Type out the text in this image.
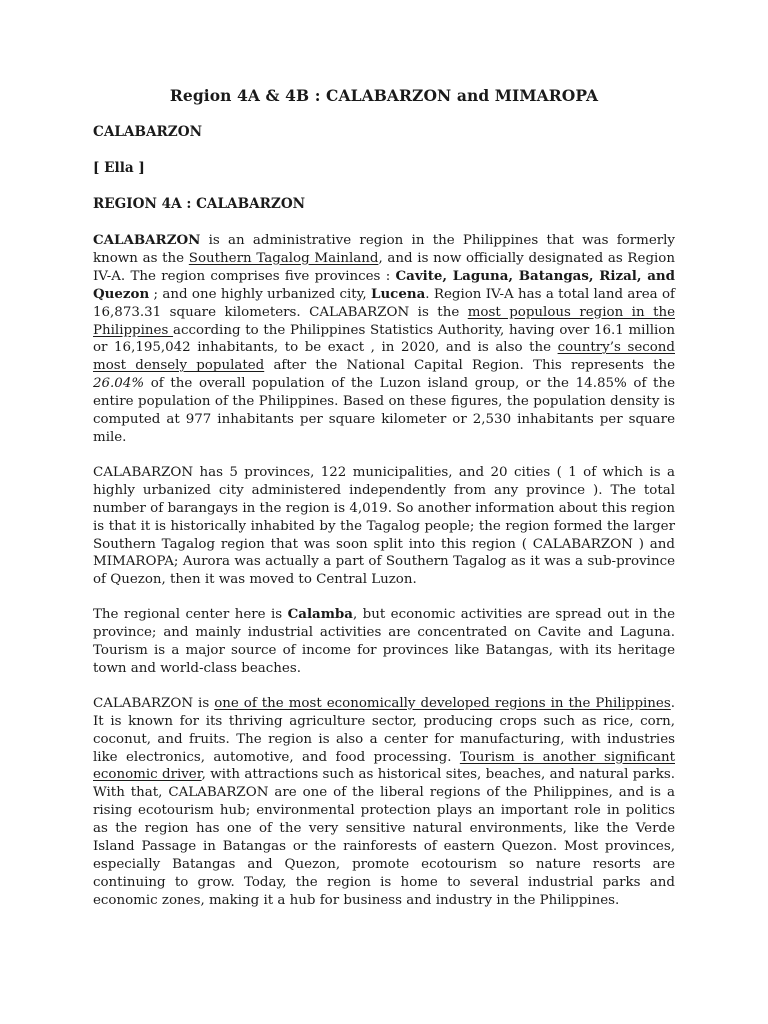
Region 4A & 4B : CALABARZON and MIMAROPA
CALABARZON
[ Ella ]
REGION 4A : CALABARZON

CALABARZON is an administrative region in the Philippines that was formerly known as the Southern Tagalog Mainland, and is now officially designated as Region IV-A. The region comprises five provinces : Cavite, Laguna, Batangas, Rizal, and Quezon ; and one highly urbanized city, Lucena. Region IV-A has a total land area of 16,873.31 square kilometers. CALABARZON is the most populous region in the Philippines according to the Philippines Statistics Authority, having over 16.1 million or 16,195,042 inhabitants, to be exact , in 2020, and is also the country’s second most densely populated after the National Capital Region. This represents the 26.04% of the overall population of the Luzon island group, or the 14.85% of the entire population of the Philippines. Based on these figures, the population density is computed at 977 inhabitants per square kilometer or 2,530 inhabitants per square mile.

CALABARZON has 5 provinces, 122 municipalities, and 20 cities ( 1 of which is a highly urbanized city administered independently from any province ). The total number of barangays in the region is 4,019. So another information about this region is that it is historically inhabited by the Tagalog people; the region formed the larger Southern Tagalog region that was soon split into this region ( CALABARZON ) and MIMAROPA; Aurora was actually a part of Southern Tagalog as it was a sub-province of Quezon, then it was moved to Central Luzon.

The regional center here is Calamba, but economic activities are spread out in the province; and mainly industrial activities are concentrated on Cavite and Laguna. Tourism is a major source of income for provinces like Batangas, with its heritage town and world-class beaches.

CALABARZON is one of the most economically developed regions in the Philippines. It is known for its thriving agriculture sector, producing crops such as rice, corn, coconut, and fruits. The region is also a center for manufacturing, with industries like electronics, automotive, and food processing. Tourism is another significant economic driver, with attractions such as historical sites, beaches, and natural parks. With that, CALABARZON are one of the liberal regions of the Philippines, and is a rising ecotourism hub; environmental protection plays an important role in politics as the region has one of the very sensitive natural environments, like the Verde Island Passage in Batangas or the rainforests of eastern Quezon. Most provinces, especially Batangas and Quezon, promote ecotourism so nature resorts are continuing to grow. Today, the region is home to several industrial parks and economic zones, making it a hub for business and industry in the Philippines.
